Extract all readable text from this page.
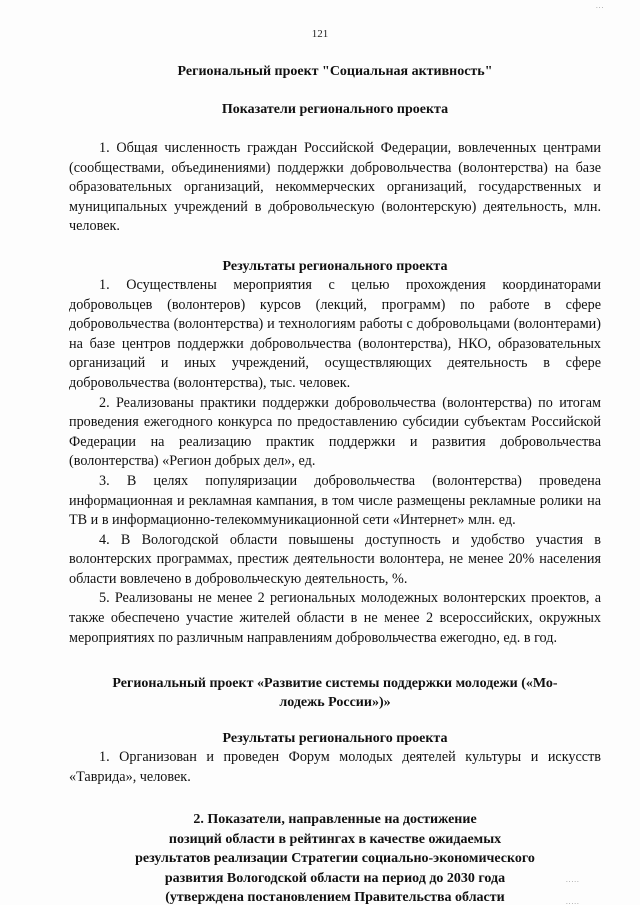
...
.....
.....
121
Региональный проект "Социальная активность"
Показатели регионального проекта

1. Общая численность граждан Российской Федерации, вовлеченных центрами (сообществами, объединениями) поддержки добровольчества (волонтерства) на базе образовательных организаций, некоммерческих организаций, государственных и муниципальных учреждений в добровольческую (волонтерскую) деятельность, млн. человек.

Результаты регионального проекта

1. Осуществлены мероприятия с целью прохождения координаторами добровольцев (волонтеров) курсов (лекций, программ) по работе в сфере добровольчества (волонтерства) и технологиям работы с добровольцами (волонтерами) на базе центров поддержки добровольчества (волонтерства), НКО, образовательных организаций и иных учреждений, осуществляющих деятельность в сфере добровольчества (волонтерства), тыс. человек.

2. Реализованы практики поддержки добровольчества (волонтерства) по итогам проведения ежегодного конкурса по предоставлению субсидии субъектам Российской Федерации на реализацию практик поддержки и развития добровольчества (волонтерства) «Регион добрых дел», ед.

3. В целях популяризации добровольчества (волонтерства) проведена информационная и рекламная кампания, в том числе размещены рекламные ролики на ТВ и в информационно-телекоммуникационной сети «Интернет» млн. ед.

4. В Вологодской области повышены доступность и удобство участия в волонтерских программах, престиж деятельности волонтера, не менее 20% населения области вовлечено в добровольческую деятельность, %.

5. Реализованы не менее 2 региональных молодежных волонтерских проектов, а также обеспечено участие жителей области в не менее 2 всероссийских, окружных мероприятиях по различным направлениям добровольчества ежегодно, ед. в год.

Региональный проект «Развитие системы поддержки молодежи («Мо-
лодежь России»)»
Результаты регионального проекта

1. Организован и проведен Форум молодых деятелей культуры и искусств «Таврида», человек.

2. Показатели, направленные на достижение
позиций области в рейтингах в качестве ожидаемых
результатов реализации Стратегии социально-экономического
развития Вологодской области на период до 2030 года
(утверждена постановлением Правительства области
